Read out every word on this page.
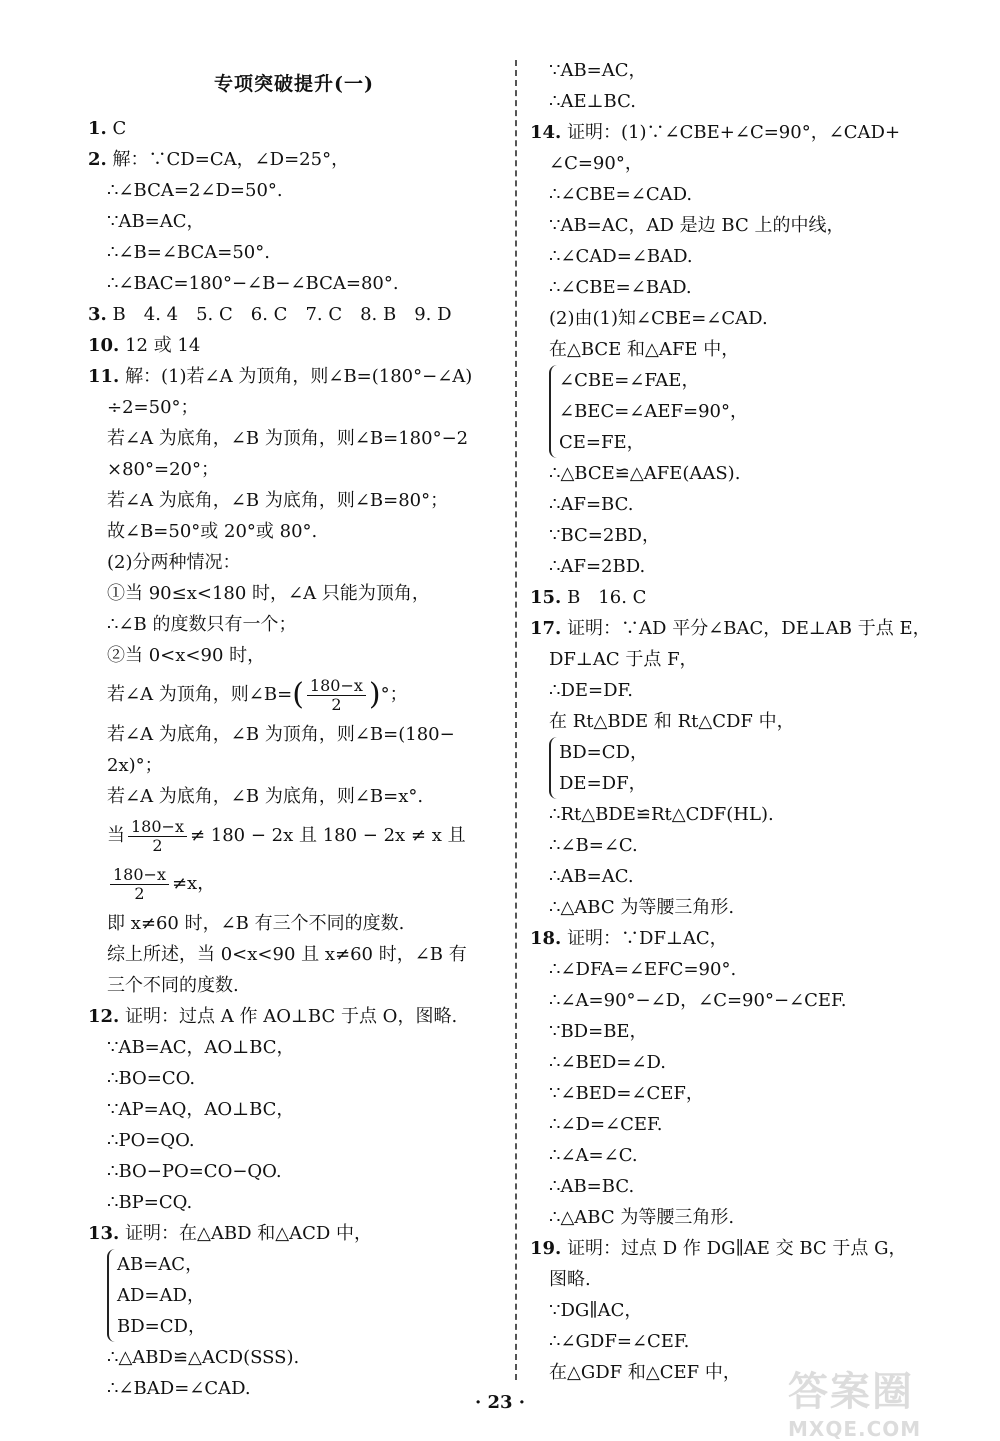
专项突破提升(一)
1. C
2. 解：∵CD=CA，∠D=25°，
∴∠BCA=2∠D=50°.
∵AB=AC，
∴∠B=∠BCA=50°.
∴∠BAC=180°−∠B−∠BCA=80°.
3. B　4. 4　5. C　6. C　7. C　8. B　9. D
10. 12 或 14
11. 解：(1)若∠A 为顶角，则∠B=(180°−∠A)
÷2=50°；
若∠A 为底角，∠B 为顶角，则∠B=180°−2
×80°=20°；
若∠A 为底角，∠B 为底角，则∠B=80°；
故∠B=50°或 20°或 80°.
(2)分两种情况：
①当 90≤x<180 时，∠A 只能为顶角，
∴∠B 的度数只有一个；
②当 0<x<90 时，
若∠A 为顶角，则∠B=( $\frac{180-x}{2}$ )°；
若∠A 为底角，∠B 为顶角，则∠B=(180−
2x)°；
若∠A 为底角，∠B 为底角，则∠B=x°.
当 $\frac{180-x}{2} \ne 180 - 2x$ 且 180 − 2x ≠ x 且
$\frac{180-x}{2} \ne x$，
即 x≠60 时，∠B 有三个不同的度数.
综上所述，当 0<x<90 且 x≠60 时，∠B 有
三个不同的度数.
12. 证明：过点 A 作 AO⊥BC 于点 O，图略.
∵AB=AC，AO⊥BC，
∴BO=CO.
∵AP=AQ，AO⊥BC，
∴PO=QO.
∴BO−PO=CO−QO.
∴BP=CQ.
13. 证明：在△ABD 和△ACD 中，
AB=AC，
AD=AD，
BD=CD，
∴△ABD≌△ACD(SSS).
∴∠BAD=∠CAD.
∵AB=AC，
∴AE⊥BC.
14. 证明：(1)∵∠CBE+∠C=90°，∠CAD+
∠C=90°，
∴∠CBE=∠CAD.
∵AB=AC，AD 是边 BC 上的中线，
∴∠CAD=∠BAD.
∴∠CBE=∠BAD.
(2)由(1)知∠CBE=∠CAD.
在△BCE 和△AFE 中，
∠CBE=∠FAE，
∠BEC=∠AEF=90°，
CE=FE，
∴△BCE≌△AFE(AAS).
∴AF=BC.
∵BC=2BD，
∴AF=2BD.
15. B　16. C
17. 证明：∵AD 平分∠BAC，DE⊥AB 于点 E，
DF⊥AC 于点 F，
∴DE=DF.
在 Rt△BDE 和 Rt△CDF 中，
BD=CD，
DE=DF，
∴Rt△BDE≌Rt△CDF(HL).
∴∠B=∠C.
∴AB=AC.
∴△ABC 为等腰三角形.
18. 证明：∵DF⊥AC，
∴∠DFA=∠EFC=90°.
∴∠A=90°−∠D，∠C=90°−∠CEF.
∵BD=BE，
∴∠BED=∠D.
∵∠BED=∠CEF，
∴∠D=∠CEF.
∴∠A=∠C.
∴AB=BC.
∴△ABC 为等腰三角形.
19. 证明：过点 D 作 DG∥AE 交 BC 于点 G，
图略.
∵DG∥AC，
∴∠GDF=∠CEF.
在△GDF 和△CEF 中，
· 23 ·	答案圈
MXQE.COM
